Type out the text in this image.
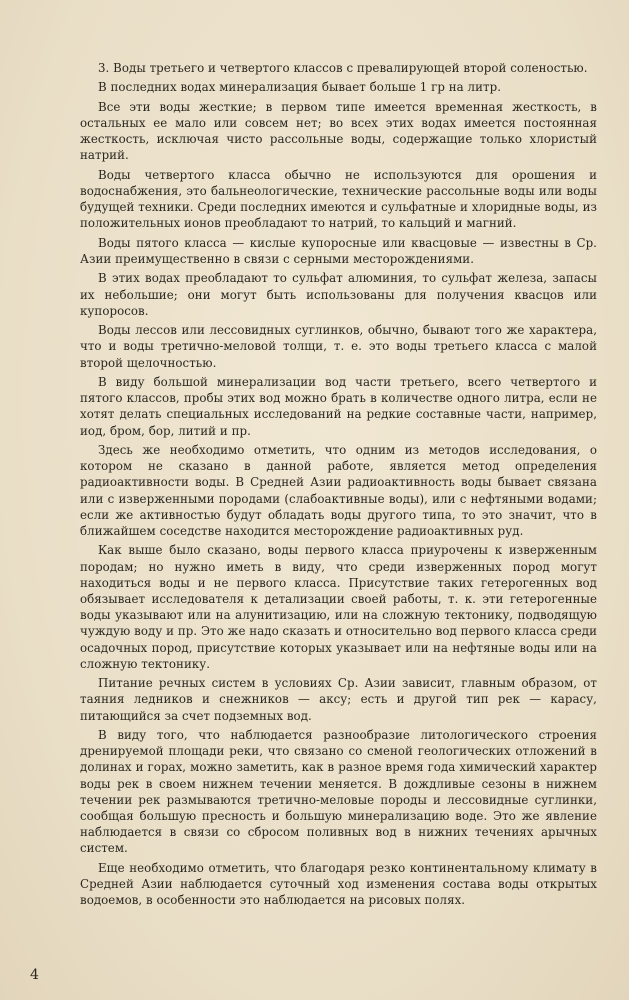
3. Воды третьего и четвертого классов с превалирующей второй соленостью.

В последних водах минерализация бывает больше 1 гр на литр.

Все эти воды жесткие; в первом типе имеется временная жесткость, в остальных ее мало или совсем нет; во всех этих водах имеется постоянная жесткость, исключая чисто рассольные воды, содержащие только хлористый натрий.

Воды четвертого класса обычно не используются для орошения и водоснабжения, это бальнеологические, технические рассольные воды или воды будущей техники. Среди последних имеются и сульфатные и хлоридные воды, из положительных ионов преобладают то натрий, то кальций и магний.

Воды пятого класса — кислые купоросные или квасцовые — известны в Ср. Азии преимущественно в связи с серными месторождениями.

В этих водах преобладают то сульфат алюминия, то сульфат железа, запасы их небольшие; они могут быть использованы для получения квасцов или купоросов.

Воды лессов или лессовидных суглинков, обычно, бывают того же характера, что и воды третично-меловой толщи, т. е. это воды третьего класса с малой второй щелочностью.

В виду большой минерализации вод части третьего, всего четвертого и пятого классов, пробы этих вод можно брать в количестве одного литра, если не хотят делать специальных исследований на редкие составные части, например, иод, бром, бор, литий и пр.

Здесь же необходимо отметить, что одним из методов исследования, о котором не сказано в данной работе, является метод определения радиоактивности воды. В Средней Азии радиоактивность воды бывает связана или с изверженными породами (слабоактивные воды), или с нефтяными водами; если же активностью будут обладать воды другого типа, то это значит, что в ближайшем соседстве находится месторождение радиоактивных руд.

Как выше было сказано, воды первого класса приурочены к изверженным породам; но нужно иметь в виду, что среди изверженных пород могут находиться воды и не первого класса. Присутствие таких гетерогенных вод обязывает исследователя к детализации своей работы, т. к. эти гетерогенные воды указывают или на алунитизацию, или на сложную тектонику, подводящую чуждую воду и пр. Это же надо сказать и относительно вод первого класса среди осадочных пород, присутствие которых указывает или на нефтяные воды или на сложную тектонику.

Питание речных систем в условиях Ср. Азии зависит, главным образом, от таяния ледников и снежников — аксу; есть и другой тип рек — карасу, питающийся за счет подземных вод.

В виду того, что наблюдается разнообразие литологического строения дренируемой площади реки, что связано со сменой геологических отложений в долинах и горах, можно заметить, как в разное время года химический характер воды рек в своем нижнем течении меняется. В дождливые сезоны в нижнем течении рек размываются третично-меловые породы и лессовидные суглинки, сообщая большую пресность и большую минерализацию воде. Это же явление наблюдается в связи со сбросом поливных вод в нижних течениях арычных систем.

Еще необходимо отметить, что благодаря резко континентальному климату в Средней Азии наблюдается суточный ход изменения состава воды открытых водоемов, в особенности это наблюдается на рисовых полях.

4
